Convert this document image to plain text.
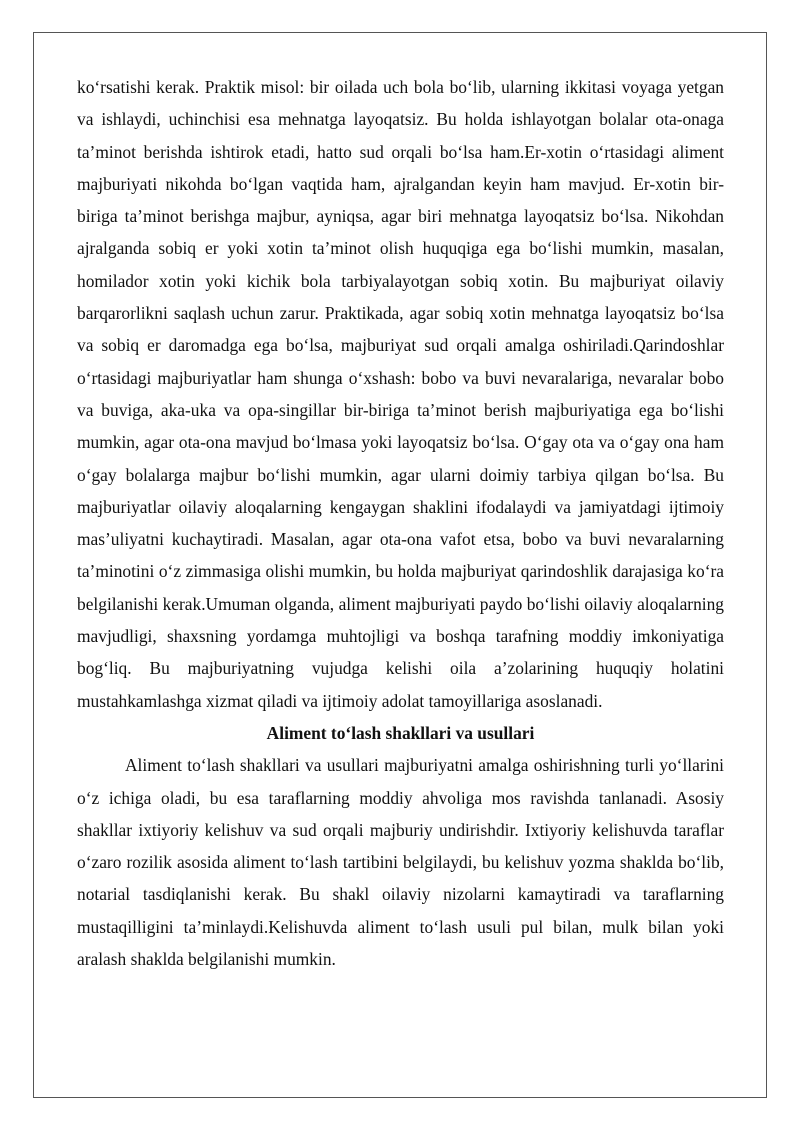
ko‘rsatishi kerak. Praktik misol: bir oilada uch bola bo‘lib, ularning ikkitasi voyaga yetgan va ishlaydi, uchinchisi esa mehnatga layoqatsiz. Bu holda ishlayotgan bolalar ota-onaga ta’minot berishda ishtirok etadi, hatto sud orqali bo‘lsa ham.Er-xotin o‘rtasidagi aliment majburiyati nikohda bo‘lgan vaqtida ham, ajralgandan keyin ham mavjud. Er-xotin bir-biriga ta’minot berishga majbur, ayniqsa, agar biri mehnatga layoqatsiz bo‘lsa. Nikohdan ajralganda sobiq er yoki xotin ta’minot olish huquqiga ega bo‘lishi mumkin, masalan, homilador xotin yoki kichik bola tarbiyalayotgan sobiq xotin. Bu majburiyat oilaviy barqarorlikni saqlash uchun zarur. Praktikada, agar sobiq xotin mehnatga layoqatsiz bo‘lsa va sobiq er daromadga ega bo‘lsa, majburiyat sud orqali amalga oshiriladi.Qarindoshlar o‘rtasidagi majburiyatlar ham shunga o‘xshash: bobo va buvi nevaralariga, nevaralar bobo va buviga, aka-uka va opa-singillar bir-biriga ta’minot berish majburiyatiga ega bo‘lishi mumkin, agar ota-ona mavjud bo‘lmasa yoki layoqatsiz bo‘lsa. O‘gay ota va o‘gay ona ham o‘gay bolalarga majbur bo‘lishi mumkin, agar ularni doimiy tarbiya qilgan bo‘lsa. Bu majburiyatlar oilaviy aloqalarning kengaygan shaklini ifodalaydi va jamiyatdagi ijtimoiy mas’uliyatni kuchaytiradi. Masalan, agar ota-ona vafot etsa, bobo va buvi nevaralarning ta’minotini o‘z zimmasiga olishi mumkin, bu holda majburiyat qarindoshlik darajasiga ko‘ra belgilanishi kerak.Umuman olganda, aliment majburiyati paydo bo‘lishi oilaviy aloqalarning mavjudligi, shaxsning yordamga muhtojligi va boshqa tarafning moddiy imkoniyatiga bog‘liq. Bu majburiyatning vujudga kelishi oila a’zolarining huquqiy holatini mustahkamlashga xizmat qiladi va ijtimoiy adolat tamoyillariga asoslanadi.

Aliment to‘lash shakllari va usullari

Aliment to‘lash shakllari va usullari majburiyatni amalga oshirishning turli yo‘llarini o‘z ichiga oladi, bu esa taraflarning moddiy ahvoliga mos ravishda tanlanadi. Asosiy shakllar ixtiyoriy kelishuv va sud orqali majburiy undirishdir. Ixtiyoriy kelishuvda taraflar o‘zaro rozilik asosida aliment to‘lash tartibini belgilaydi, bu kelishuv yozma shaklda bo‘lib, notarial tasdiqlanishi kerak. Bu shakl oilaviy nizolarni kamaytiradi va taraflarning mustaqilligini ta’minlaydi.Kelishuvda aliment to‘lash usuli pul bilan, mulk bilan yoki aralash shaklda belgilanishi mumkin.
